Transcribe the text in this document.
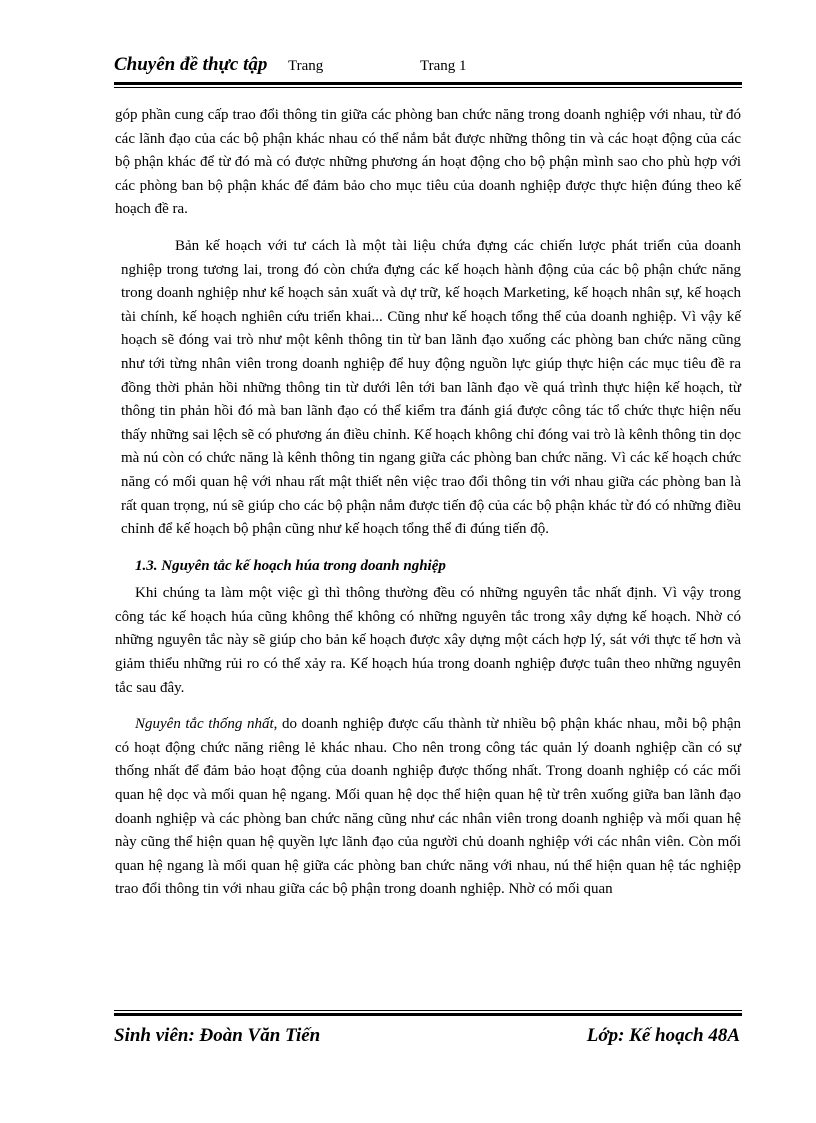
Chuyên đề thực tập Trang	Trang 1

góp phần cung cấp trao đổi thông tin giữa các phòng ban chức năng trong doanh nghiệp với nhau, từ đó các lãnh đạo của các bộ phận khác nhau có thể nắm bắt được những thông tin và các hoạt động của các bộ phận khác để từ đó mà có được những phương án hoạt động cho bộ phận mình sao cho phù hợp với các phòng ban bộ phận khác để đảm bảo cho mục tiêu của doanh nghiệp được thực hiện đúng theo kế hoạch đề ra.

Bản kế hoạch với tư cách là một tài liệu chứa đựng các chiến lược phát triển của doanh nghiệp trong tương lai, trong đó còn chứa đựng các kế hoạch hành động của các bộ phận chức năng trong doanh nghiệp như kế hoạch sản xuất và dự trữ, kế hoạch Marketing, kế hoạch nhân sự, kế hoạch tài chính, kế hoạch nghiên cứu triển khai... Cũng như kế hoạch tổng thể của doanh nghiệp. Vì vậy kế hoạch sẽ đóng vai trò như một kênh thông tin từ ban lãnh đạo xuống các phòng ban chức năng cũng như tới từng nhân viên trong doanh nghiệp để huy động nguồn lực giúp thực hiện các mục tiêu đề ra đồng thời phản hồi những thông tin từ dưới lên tới ban lãnh đạo về quá trình thực hiện kế hoạch, từ thông tin phản hồi đó mà ban lãnh đạo có thể kiểm tra đánh giá được công tác tổ chức thực hiện nếu thấy những sai lệch sẽ có phương án điều chỉnh. Kế hoạch không chỉ đóng vai trò là kênh thông tin dọc mà nú còn có chức năng là kênh thông tin ngang giữa các phòng ban chức năng. Vì các kế hoạch chức năng có mối quan hệ với nhau rất mật thiết nên việc trao đổi thông tin với nhau giữa các phòng ban là rất quan trọng, nú sẽ giúp cho các bộ phận nắm được tiến độ của các bộ phận khác từ đó có những điều chỉnh để kế hoạch bộ phận cũng như kế hoạch tổng thể đi đúng tiến độ.

1.3. Nguyên tắc kế hoạch húa trong doanh nghiệp

Khi chúng ta làm một việc gì thì thông thường đều có những nguyên tắc nhất định. Vì vậy trong công tác kế hoạch húa cũng không thể không có những nguyên tắc trong xây dựng kế hoạch. Nhờ có những nguyên tắc này sẽ giúp cho bản kế hoạch được xây dựng một cách hợp lý, sát với thực tế hơn và giảm thiểu những rủi ro có thể xảy ra. Kế hoạch húa trong doanh nghiệp được tuân theo những nguyên tắc sau đây.

Nguyên tắc thống nhất, do doanh nghiệp được cấu thành từ nhiều bộ phận khác nhau, mỗi bộ phận có hoạt động chức năng riêng lẻ khác nhau. Cho nên trong công tác quản lý doanh nghiệp cần có sự thống nhất để đảm bảo hoạt động của doanh nghiệp được thống nhất. Trong doanh nghiệp có các mối quan hệ dọc và mối quan hệ ngang. Mối quan hệ dọc thể hiện quan hệ từ trên xuống giữa ban lãnh đạo doanh nghiệp và các phòng ban chức năng cũng như các nhân viên trong doanh nghiệp và mối quan hệ này cũng thể hiện quan hệ quyền lực lãnh đạo của người chủ doanh nghiệp với các nhân viên. Còn mối quan hệ ngang là mối quan hệ giữa các phòng ban chức năng với nhau, nú thể hiện quan hệ tác nghiệp trao đổi thông tin với nhau giữa các bộ phận trong doanh nghiệp. Nhờ có mối quan

Sinh viên: Đoàn Văn Tiến	Lớp: Kế hoạch 48A
